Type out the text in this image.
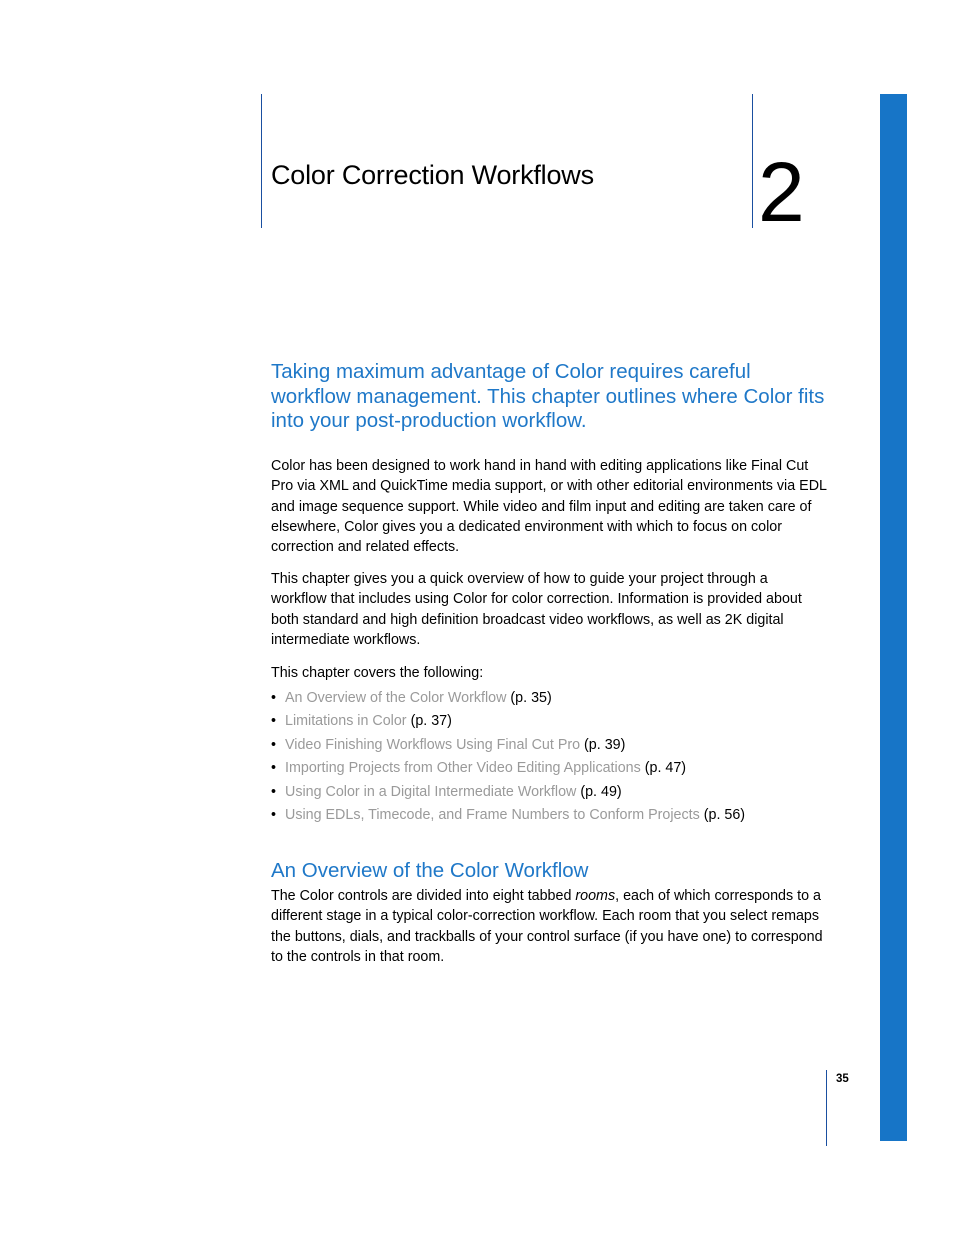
Color Correction Workflows 2
Taking maximum advantage of Color requires careful workflow management. This chapter outlines where Color fits into your post-production workflow.

Color has been designed to work hand in hand with editing applications like Final Cut Pro via XML and QuickTime media support, or with other editorial environments via EDL and image sequence support. While video and film input and editing are taken care of elsewhere, Color gives you a dedicated environment with which to focus on color correction and related effects.

This chapter gives you a quick overview of how to guide your project through a workflow that includes using Color for color correction. Information is provided about both standard and high definition broadcast video workflows, as well as 2K digital intermediate workflows.

This chapter covers the following:

• An Overview of the Color Workflow (p. 35)
• Limitations in Color (p. 37)
• Video Finishing Workflows Using Final Cut Pro (p. 39)
• Importing Projects from Other Video Editing Applications (p. 47)
• Using Color in a Digital Intermediate Workflow (p. 49)
• Using EDLs, Timecode, and Frame Numbers to Conform Projects (p. 56)
An Overview of the Color Workflow

The Color controls are divided into eight tabbed rooms, each of which corresponds to a different stage in a typical color-correction workflow. Each room that you select remaps the buttons, dials, and trackballs of your control surface (if you have one) to correspond to the controls in that room.

35
